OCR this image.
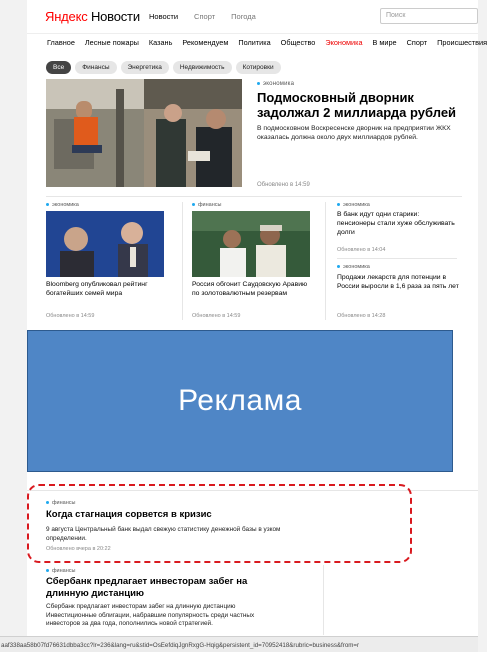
Яндекс Новости Новости Спорт Погода	Поиск
Главное Лесные пожары Казань Рекомендуем Политика Общество Экономика В мире Спорт Происшествия
Все	Финансы	Энергетика	Недвижимость	Котировки
экономика
Подмосковный дворник задолжал 2 миллиарда рублей
В подмосковном Воскресенске дворник на предприятии ЖКХ оказалась должна около двух миллиардов рублей.
Обновлено в 14:59
экономика
Bloomberg опубликовал рейтинг богатейших семей мира
Обновлено в 14:59
финансы
Россия обгонит Саудовскую Аравию по золотовалютным резервам
Обновлено в 14:59
экономика
В банк идут одни старики: пенсионеры стали хуже обслуживать долги
Обновлено в 14:04
экономика
Продажи лекарств для потенции в России выросли в 1,6 раза за пять лет
Обновлено в 14:28
Реклама
финансы
Когда стагнация сорвется в кризис
9 августа Центральный банк выдал свежую статистику денежной базы в узком определении.
Обновлено вчера в 20:22
финансы
Сбербанк предлагает инвесторам забег на длинную дистанцию
Сбербанк предлагает инвесторам забег на длинную дистанцию Инвестиционные облигации, набравшие популярность среди частных инвесторов за два года, пополнились новой стратегией.
aaf338aa58b07fd76631dbba3cc?lr=236&lang=ru&stid=OsEefdiqJgnRxgG-Hqig&persistent_id=70952418&rubric=business&from=r
